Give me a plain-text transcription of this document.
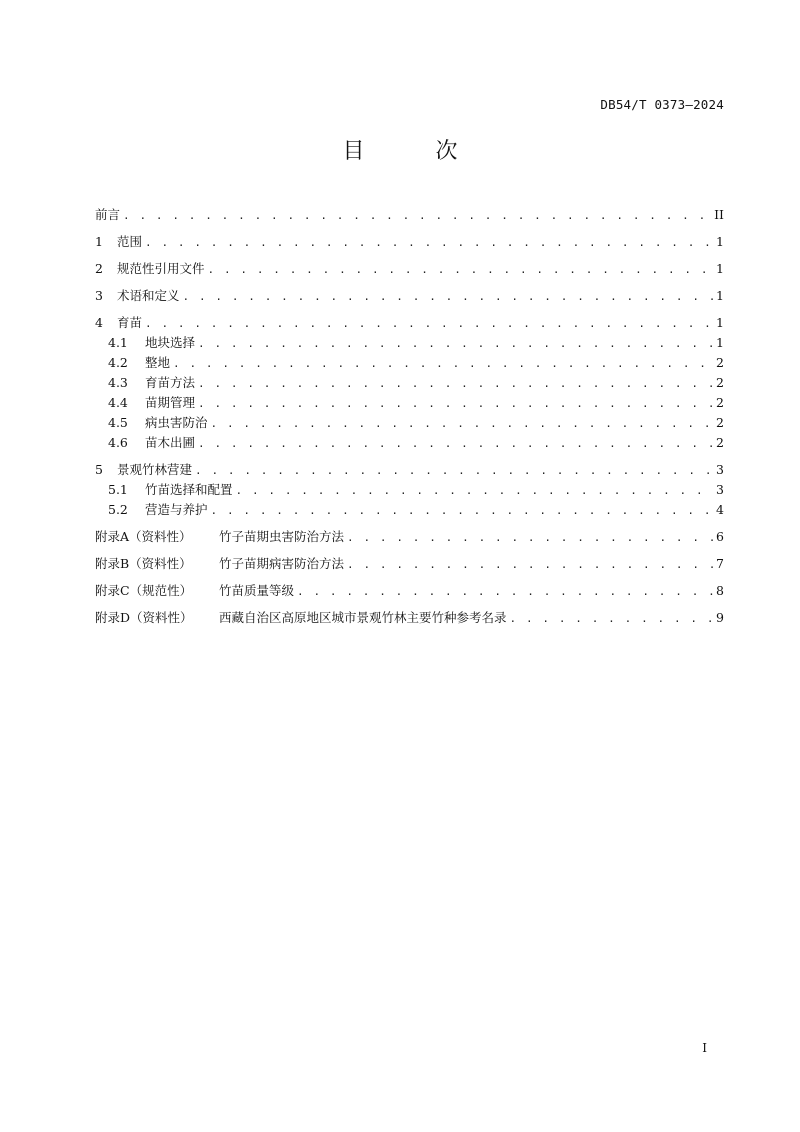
DB54/T 0373—2024
目 次
前言 . . .	II
1	范围 . . .	1
2	规范性引用文件 . . .	1
3	术语和定义 . . .	1
4	育苗 . . .	1
4.1	地块选择 . . .	1
4.2	整地 . . .	2
4.3	育苗方法 . . .	2
4.4	苗期管理 . . .	2
4.5	病虫害防治 . . .	2
4.6	苗木出圃 . . .	2
5	景观竹林营建 . . .	3
5.1	竹苗选择和配置 . . .	3
5.2	营造与养护 . . .	4
附录A（资料性）	竹子苗期虫害防治方法 . . .	6
附录B（资料性）	竹子苗期病害防治方法 . . .	7
附录C（规范性）	竹苗质量等级 . . .	8
附录D（资料性）	西藏自治区高原地区城市景观竹林主要竹种参考名录 . . .	9
I
